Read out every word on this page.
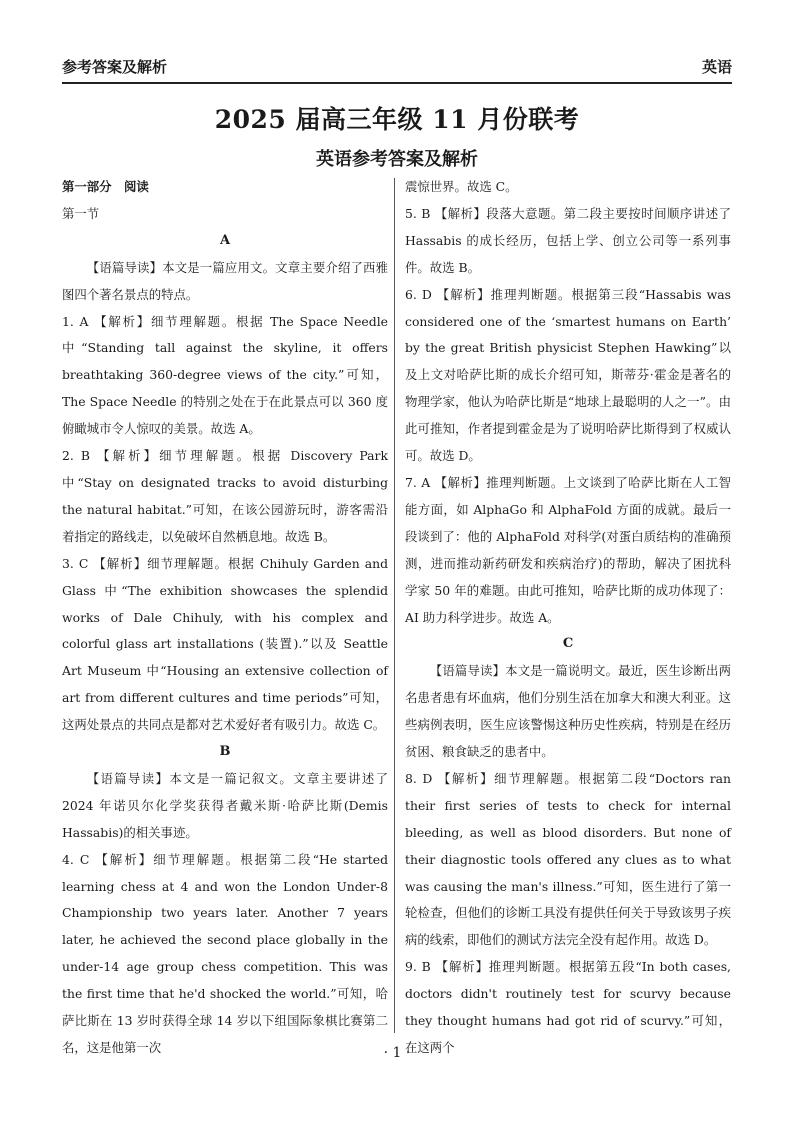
参考答案及解析	英语
2025 届高三年级 11 月份联考
英语参考答案及解析

第一部分　阅读

第一节

A

【语篇导读】本文是一篇应用文。文章主要介绍了西雅图四个著名景点的特点。

1. A 【解析】细节理解题。根据 The Space Needle 中“Standing tall against the skyline, it offers breathtaking 360-degree views of the city.”可知，The Space Needle 的特别之处在于在此景点可以 360 度俯瞰城市令人惊叹的美景。故选 A。

2. B 【解析】细节理解题。根据 Discovery Park 中“Stay on designated tracks to avoid disturbing the natural habitat.”可知，在该公园游玩时，游客需沿着指定的路线走，以免破坏自然栖息地。故选 B。

3. C 【解析】细节理解题。根据 Chihuly Garden and Glass 中“The exhibition showcases the splendid works of Dale Chihuly, with his complex and colorful glass art installations (装置).”以及 Seattle Art Museum 中“Housing an extensive collection of art from different cultures and time periods”可知，这两处景点的共同点是都对艺术爱好者有吸引力。故选 C。

B

【语篇导读】本文是一篇记叙文。文章主要讲述了 2024 年诺贝尔化学奖获得者戴米斯·哈萨比斯(Demis Hassabis)的相关事迹。

4. C 【解析】细节理解题。根据第二段“He started learning chess at 4 and won the London Under-8 Championship two years later. Another 7 years later, he achieved the second place globally in the under-14 age group chess competition. This was the first time that he'd shocked the world.”可知，哈萨比斯在 13 岁时获得全球 14 岁以下组国际象棋比赛第二名，这是他第一次

震惊世界。故选 C。

5. B 【解析】段落大意题。第二段主要按时间顺序讲述了 Hassabis 的成长经历，包括上学、创立公司等一系列事件。故选 B。

6. D 【解析】推理判断题。根据第三段“Hassabis was considered one of the ‘smartest humans on Earth’ by the great British physicist Stephen Hawking”以及上文对哈萨比斯的成长介绍可知，斯蒂芬·霍金是著名的物理学家，他认为哈萨比斯是“地球上最聪明的人之一”。由此可推知，作者提到霍金是为了说明哈萨比斯得到了权威认可。故选 D。

7. A 【解析】推理判断题。上文谈到了哈萨比斯在人工智能方面，如 AlphaGo 和 AlphaFold 方面的成就。最后一段谈到了：他的 AlphaFold 对科学(对蛋白质结构的准确预测，进而推动新药研发和疾病治疗)的帮助，解决了困扰科学家 50 年的难题。由此可推知，哈萨比斯的成功体现了：AI 助力科学进步。故选 A。

C

【语篇导读】本文是一篇说明文。最近，医生诊断出两名患者患有坏血病，他们分别生活在加拿大和澳大利亚。这些病例表明，医生应该警惕这种历史性疾病，特别是在经历贫困、粮食缺乏的患者中。

8. D 【解析】细节理解题。根据第二段“Doctors ran their first series of tests to check for internal bleeding, as well as blood disorders. But none of their diagnostic tools offered any clues as to what was causing the man's illness.”可知，医生进行了第一轮检查，但他们的诊断工具没有提供任何关于导致该男子疾病的线索，即他们的测试方法完全没有起作用。故选 D。

9. B 【解析】推理判断题。根据第五段“In both cases, doctors didn't routinely test for scurvy because they thought humans had got rid of scurvy.”可知，在这两个

· 1 ·
